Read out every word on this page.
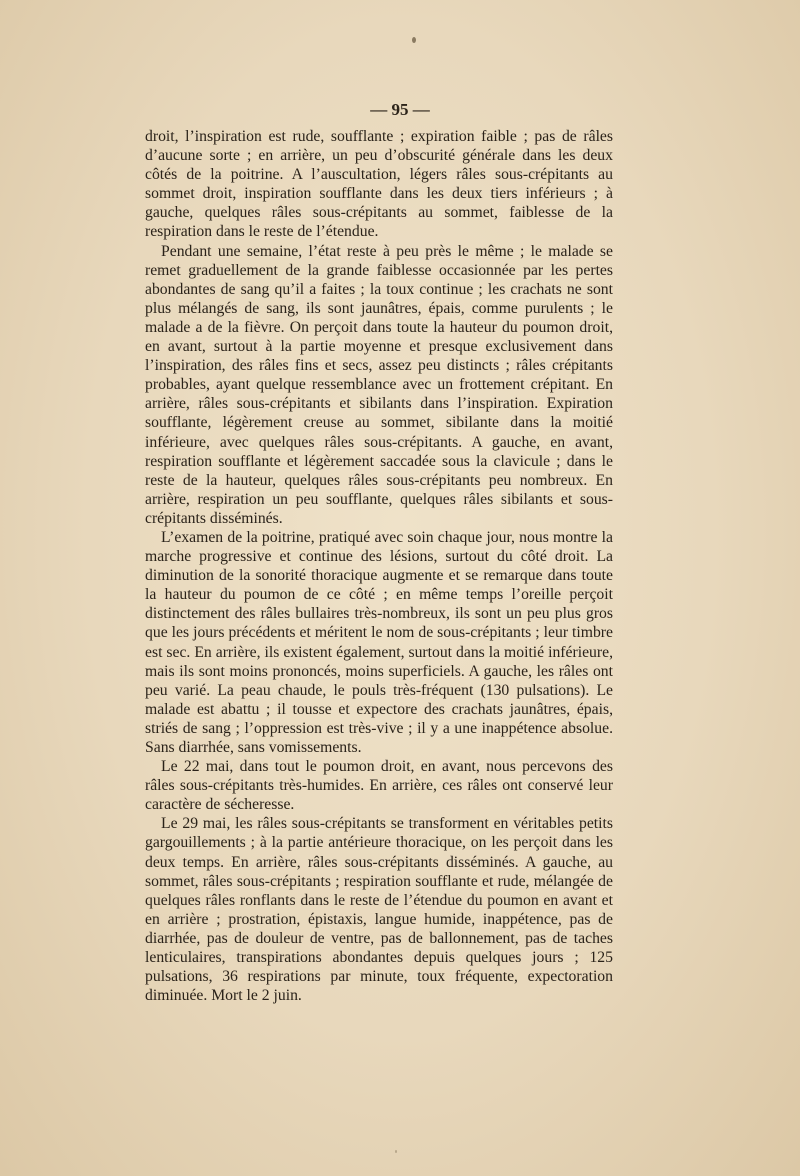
— 95 —

droit, l’inspiration est rude, soufflante ; expiration faible ; pas de râles d’aucune sorte ; en arrière, un peu d’obscurité générale dans les deux côtés de la poitrine. A l’auscultation, légers râles sous-crépitants au sommet droit, inspiration soufflante dans les deux tiers inférieurs ; à gauche, quelques râles sous-crépitants au sommet, faiblesse de la respiration dans le reste de l’étendue.

Pendant une semaine, l’état reste à peu près le même ; le malade se remet graduellement de la grande faiblesse occasionnée par les pertes abondantes de sang qu’il a faites ; la toux continue ; les crachats ne sont plus mélangés de sang, ils sont jaunâtres, épais, comme purulents ; le malade a de la fièvre. On perçoit dans toute la hauteur du poumon droit, en avant, surtout à la partie moyenne et presque exclusivement dans l’inspiration, des râles fins et secs, assez peu distincts ; râles crépitants probables, ayant quelque ressemblance avec un frottement crépitant. En arrière, râles sous-crépitants et sibilants dans l’inspiration. Expiration soufflante, légèrement creuse au sommet, sibilante dans la moitié inférieure, avec quelques râles sous-crépitants. A gauche, en avant, respiration soufflante et légèrement saccadée sous la clavicule ; dans le reste de la hauteur, quelques râles sous-crépitants peu nombreux. En arrière, respiration un peu soufflante, quelques râles sibilants et sous-crépitants disséminés.

L’examen de la poitrine, pratiqué avec soin chaque jour, nous montre la marche progressive et continue des lésions, surtout du côté droit. La diminution de la sonorité thoracique augmente et se remarque dans toute la hauteur du poumon de ce côté ; en même temps l’oreille perçoit distinctement des râles bullaires très-nombreux, ils sont un peu plus gros que les jours précédents et méritent le nom de sous-crépitants ; leur timbre est sec. En arrière, ils existent également, surtout dans la moitié inférieure, mais ils sont moins prononcés, moins superficiels. A gauche, les râles ont peu varié. La peau chaude, le pouls très-fréquent (130 pulsations). Le malade est abattu ; il tousse et expectore des crachats jaunâtres, épais, striés de sang ; l’oppression est très-vive ; il y a une inappétence absolue. Sans diarrhée, sans vomissements.

Le 22 mai, dans tout le poumon droit, en avant, nous percevons des râles sous-crépitants très-humides. En arrière, ces râles ont conservé leur caractère de sécheresse.

Le 29 mai, les râles sous-crépitants se transforment en véritables petits gargouillements ; à la partie antérieure thoracique, on les perçoit dans les deux temps. En arrière, râles sous-crépitants disséminés. A gauche, au sommet, râles sous-crépitants ; respiration soufflante et rude, mélangée de quelques râles ronflants dans le reste de l’étendue du poumon en avant et en arrière ; prostration, épistaxis, langue humide, inappétence, pas de diarrhée, pas de douleur de ventre, pas de ballonnement, pas de taches lenticulaires, transpirations abondantes depuis quelques jours ; 125 pulsations, 36 respirations par minute, toux fréquente, expectoration diminuée. Mort le 2 juin.
